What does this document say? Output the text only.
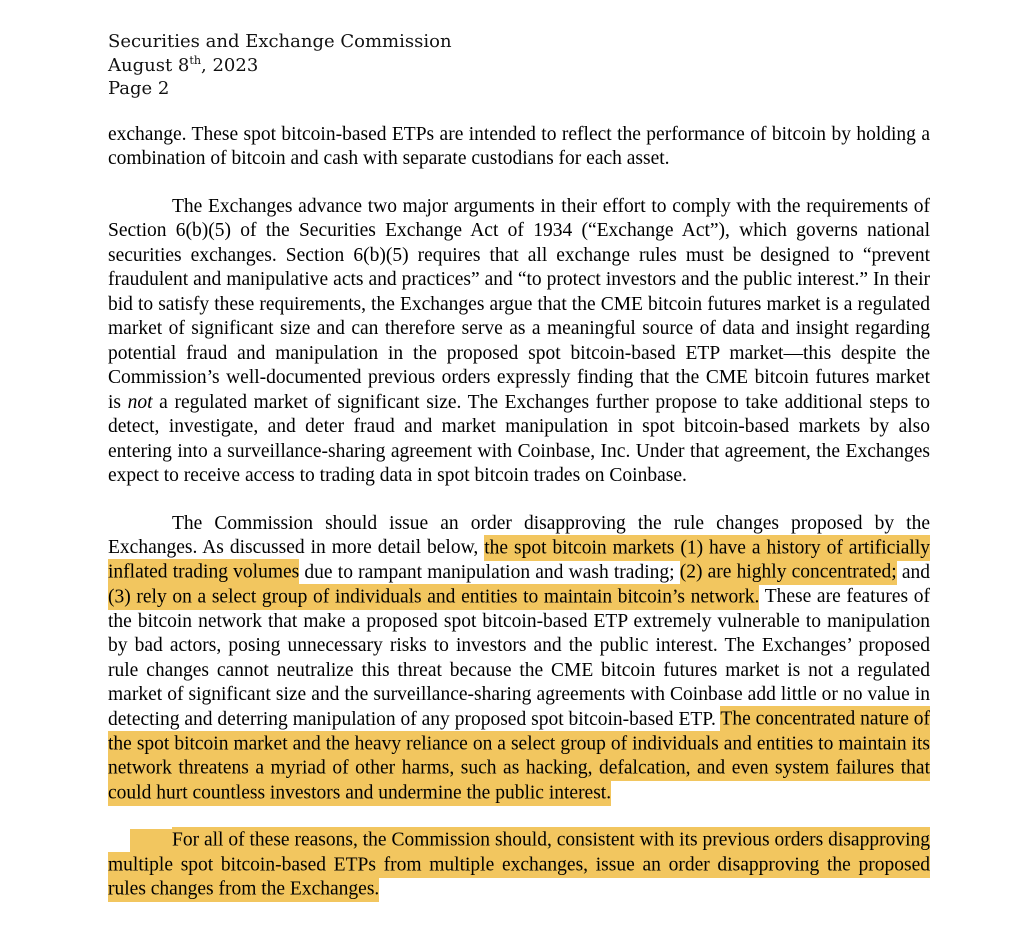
Securities and Exchange Commission

August 8th, 2023

Page 2

exchange. These spot bitcoin-based ETPs are intended to reflect the performance of bitcoin by holding a combination of bitcoin and cash with separate custodians for each asset.

The Exchanges advance two major arguments in their effort to comply with the requirements of Section 6(b)(5) of the Securities Exchange Act of 1934 (“Exchange Act”), which governs national securities exchanges. Section 6(b)(5) requires that all exchange rules must be designed to “prevent fraudulent and manipulative acts and practices” and “to protect investors and the public interest.” In their bid to satisfy these requirements, the Exchanges argue that the CME bitcoin futures market is a regulated market of significant size and can therefore serve as a meaningful source of data and insight regarding potential fraud and manipulation in the proposed spot bitcoin-based ETP market—this despite the Commission’s well-documented previous orders expressly finding that the CME bitcoin futures market is not a regulated market of significant size. The Exchanges further propose to take additional steps to detect, investigate, and deter fraud and market manipulation in spot bitcoin-based markets by also entering into a surveillance-sharing agreement with Coinbase, Inc. Under that agreement, the Exchanges expect to receive access to trading data in spot bitcoin trades on Coinbase.

The Commission should issue an order disapproving the rule changes proposed by the Exchanges. As discussed in more detail below, the spot bitcoin markets (1) have a history of artificially inflated trading volumes due to rampant manipulation and wash trading; (2) are highly concentrated; and (3) rely on a select group of individuals and entities to maintain bitcoin’s network. These are features of the bitcoin network that make a proposed spot bitcoin-based ETP extremely vulnerable to manipulation by bad actors, posing unnecessary risks to investors and the public interest. The Exchanges’ proposed rule changes cannot neutralize this threat because the CME bitcoin futures market is not a regulated market of significant size and the surveillance-sharing agreements with Coinbase add little or no value in detecting and deterring manipulation of any proposed spot bitcoin-based ETP. The concentrated nature of the spot bitcoin market and the heavy reliance on a select group of individuals and entities to maintain its network threatens a myriad of other harms, such as hacking, defalcation, and even system failures that could hurt countless investors and undermine the public interest.

For all of these reasons, the Commission should, consistent with its previous orders disapproving multiple spot bitcoin-based ETPs from multiple exchanges, issue an order disapproving the proposed rules changes from the Exchanges.
